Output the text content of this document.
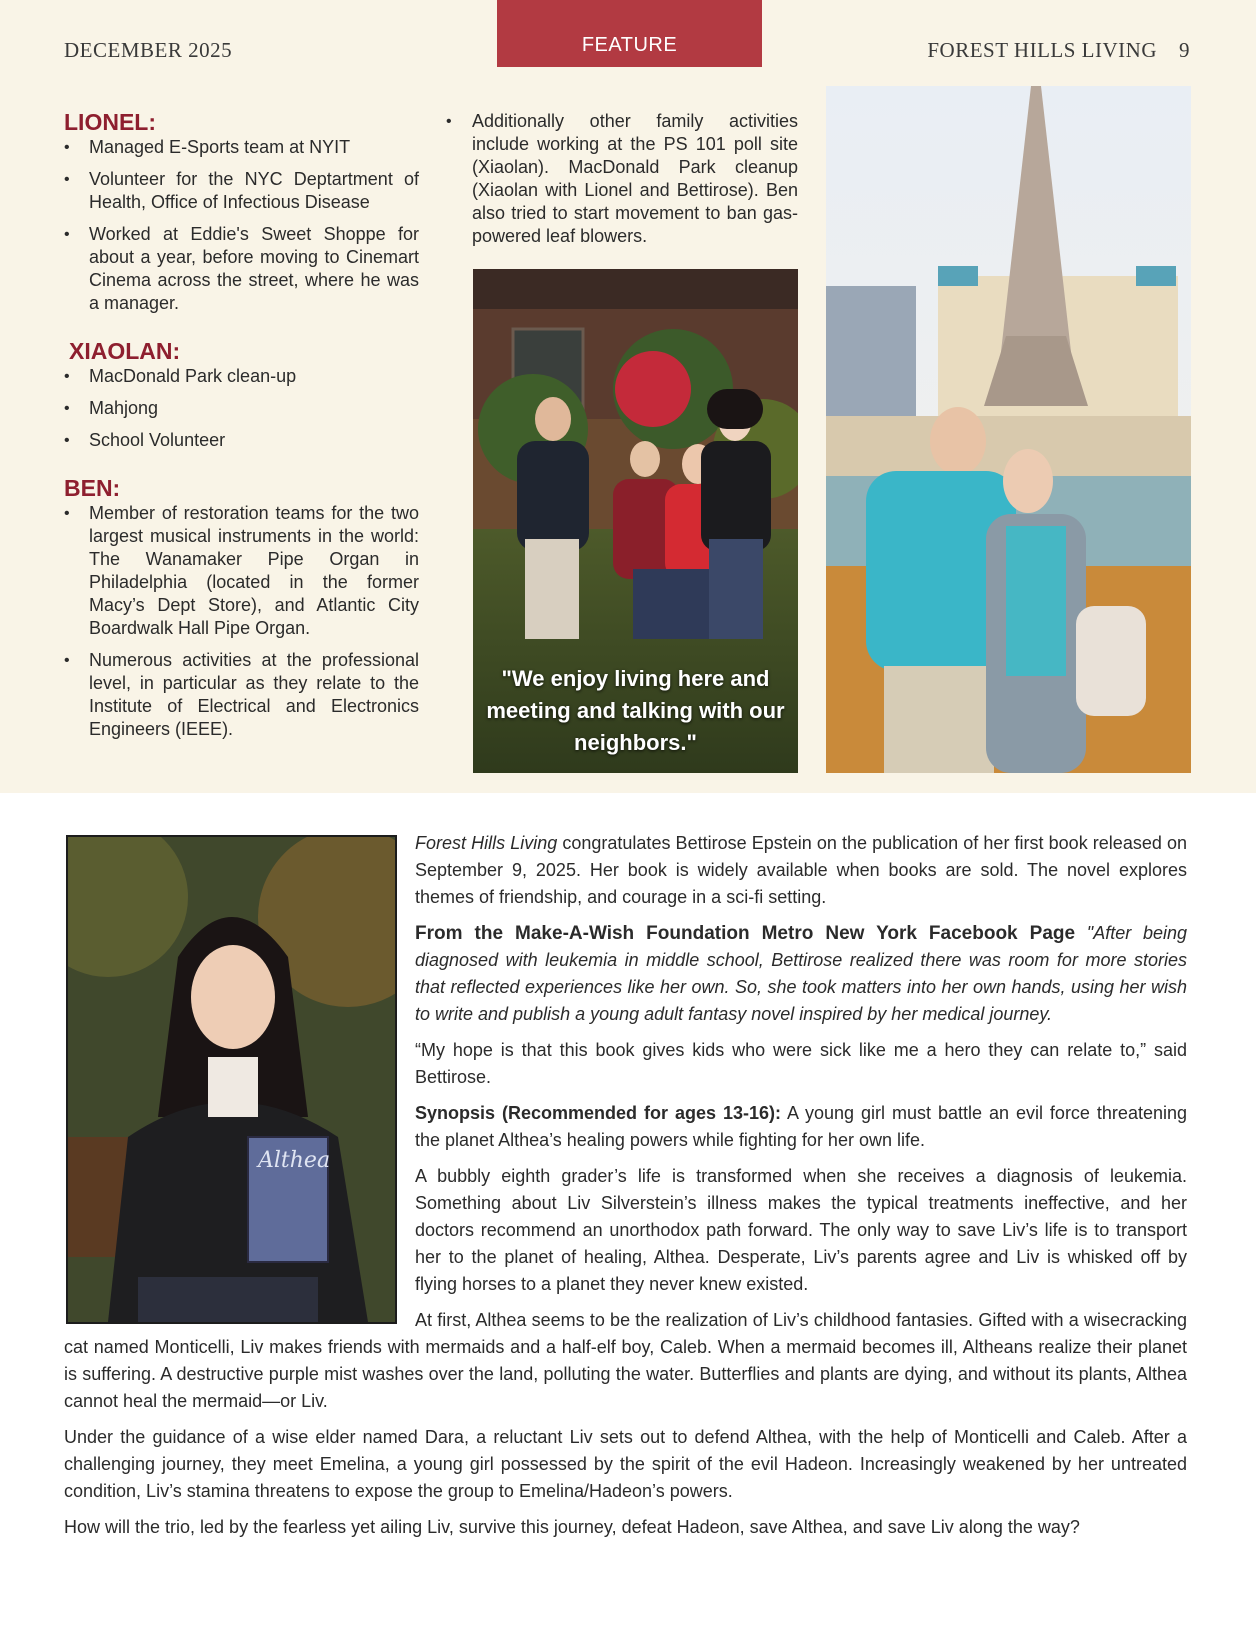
DECEMBER 2025	FEATURE	FOREST HILLS LIVING 9
LIONEL:
• Managed E-Sports team at NYIT
• Volunteer for the NYC Deptartment of Health, Office of Infectious Disease
• Worked at Eddie's Sweet Shoppe for about a year, before moving to Cinemart Cinema across the street, where he was a manager.
XIAOLAN:
• MacDonald Park clean-up
• Mahjong
• School Volunteer
BEN:
• Member of restoration teams for the two largest musical instruments in the world: The Wanamaker Pipe Organ in Philadelphia (located in the former Macy’s Dept Store), and Atlantic City Boardwalk Hall Pipe Organ.
• Numerous activities at the professional level, in particular as they relate to the Institute of Electrical and Electronics Engineers (IEEE).
• Additionally other family activities include working at the PS 101 poll site (Xiaolan). MacDonald Park cleanup (Xiaolan with Lionel and Bettirose). Ben also tried to start movement to ban gas-powered leaf blowers.
"We enjoy living here and meeting and talking with our neighbors."
Althea

Forest Hills Living congratulates Bettirose Epstein on the publication of her first book released on September 9, 2025. Her book is widely available when books are sold. The novel explores themes of friendship, and courage in a sci-fi setting.

From the Make-A-Wish Foundation Metro New York Facebook Page "After being diagnosed with leukemia in middle school, Bettirose realized there was room for more stories that reflected experiences like her own. So, she took matters into her own hands, using her wish to write and publish a young adult fantasy novel inspired by her medical journey.

“My hope is that this book gives kids who were sick like me a hero they can relate to,” said Bettirose.

Synopsis (Recommended for ages 13-16): A young girl must battle an evil force threatening the planet Althea’s healing powers while fighting for her own life.

A bubbly eighth grader’s life is transformed when she receives a diagnosis of leukemia. Something about Liv Silverstein’s illness makes the typical treatments ineffective, and her doctors recommend an unorthodox path forward. The only way to save Liv’s life is to transport her to the planet of healing, Althea. Desperate, Liv’s parents agree and Liv is whisked off by flying horses to a planet they never knew existed.

At first, Althea seems to be the realization of Liv’s childhood fantasies. Gifted with a wisecracking cat named Monticelli, Liv makes friends with mermaids and a half-elf boy, Caleb. When a mermaid becomes ill, Altheans realize their planet is suffering. A destructive purple mist washes over the land, polluting the water. Butterflies and plants are dying, and without its plants, Althea cannot heal the mermaid—or Liv.

Under the guidance of a wise elder named Dara, a reluctant Liv sets out to defend Althea, with the help of Monticelli and Caleb. After a challenging journey, they meet Emelina, a young girl possessed by the spirit of the evil Hadeon. Increasingly weakened by her untreated condition, Liv’s stamina threatens to expose the group to Emelina/Hadeon’s powers.

How will the trio, led by the fearless yet ailing Liv, survive this journey, defeat Hadeon, save Althea, and save Liv along the way?
